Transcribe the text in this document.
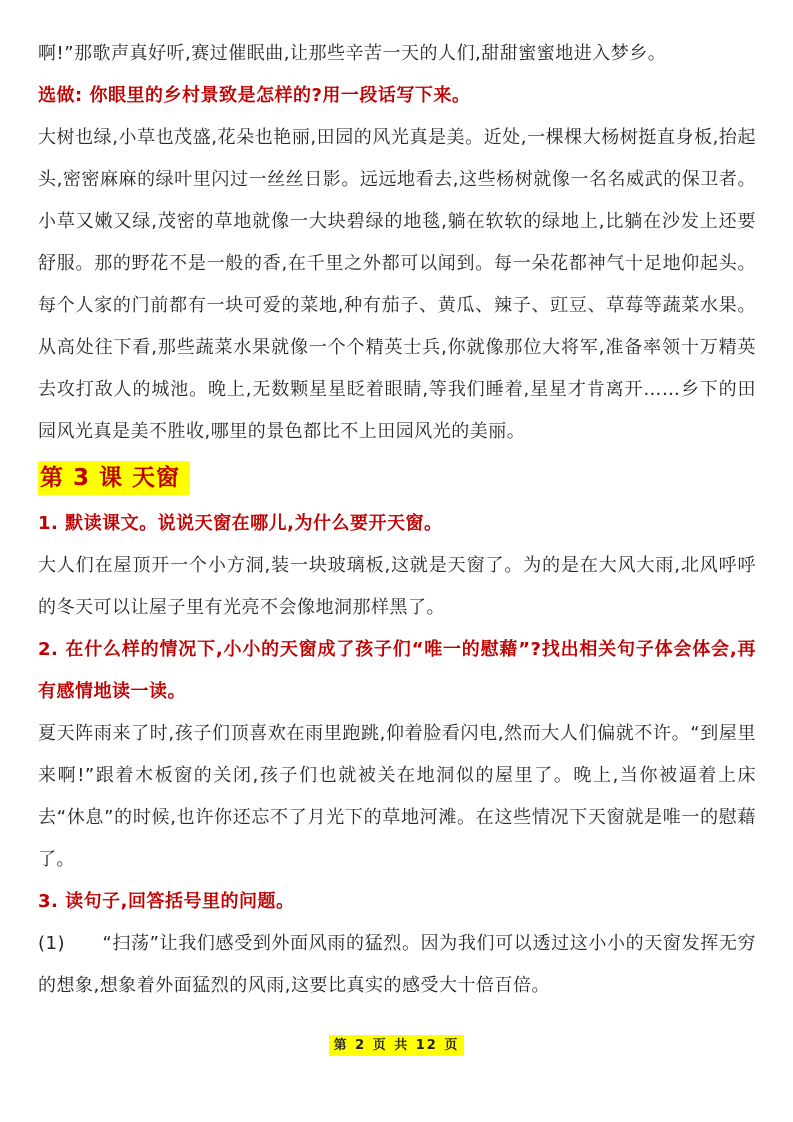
啊!”那歌声真好听,赛过催眠曲,让那些辛苦一天的人们,甜甜蜜蜜地进入梦乡。

选做: 你眼里的乡村景致是怎样的?用一段话写下来。

大树也绿,小草也茂盛,花朵也艳丽,田园的风光真是美。近处,一棵棵大杨树挺直身板,抬起头,密密麻麻的绿叶里闪过一丝丝日影。远远地看去,这些杨树就像一名名威武的保卫者。小草又嫩又绿,茂密的草地就像一大块碧绿的地毯,躺在软软的绿地上,比躺在沙发上还要舒服。那的野花不是一般的香,在千里之外都可以闻到。每一朵花都神气十足地仰起头。每个人家的门前都有一块可爱的菜地,种有茄子、黄瓜、辣子、豇豆、草莓等蔬菜水果。从高处往下看,那些蔬菜水果就像一个个精英士兵,你就像那位大将军,准备率领十万精英去攻打敌人的城池。晚上,无数颗星星眨着眼睛,等我们睡着,星星才肯离开……乡下的田园风光真是美不胜收,哪里的景色都比不上田园风光的美丽。

第 3 课 天窗

1. 默读课文。说说天窗在哪儿,为什么要开天窗。

大人们在屋顶开一个小方洞,装一块玻璃板,这就是天窗了。为的是在大风大雨,北风呼呼的冬天可以让屋子里有光亮不会像地洞那样黑了。

2. 在什么样的情况下,小小的天窗成了孩子们“唯一的慰藉”?找出相关句子体会体会,再有感情地读一读。

夏天阵雨来了时,孩子们顶喜欢在雨里跑跳,仰着脸看闪电,然而大人们偏就不许。“到屋里来啊!”跟着木板窗的关闭,孩子们也就被关在地洞似的屋里了。晚上,当你被逼着上床去“休息”的时候,也许你还忘不了月光下的草地河滩。在这些情况下天窗就是唯一的慰藉了。

3. 读句子,回答括号里的问题。

(1)　　“扫荡”让我们感受到外面风雨的猛烈。因为我们可以透过这小小的天窗发挥无穷的想象,想象着外面猛烈的风雨,这要比真实的感受大十倍百倍。

第 2 页 共 12 页
